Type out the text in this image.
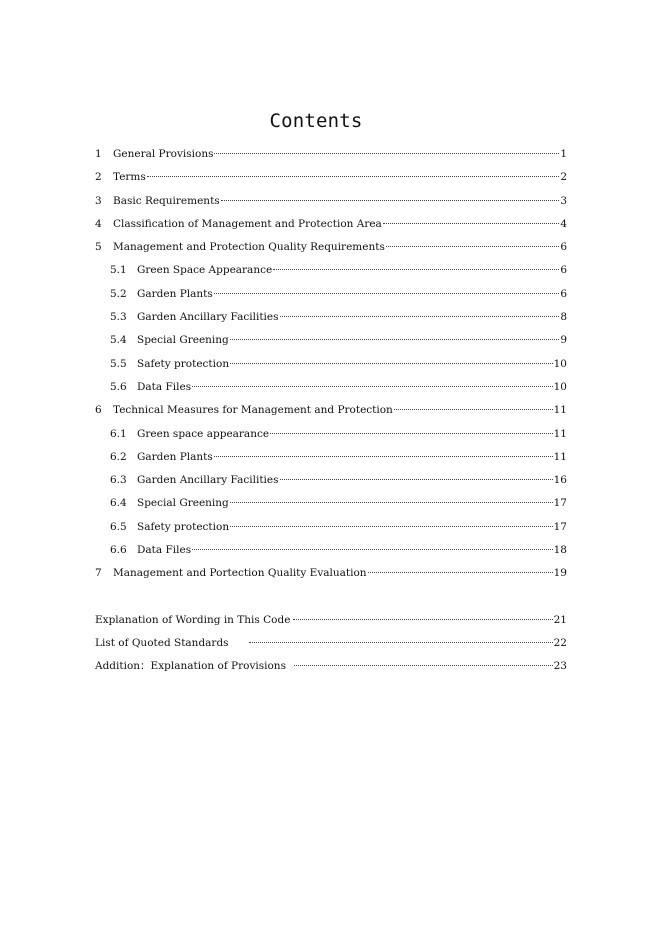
Contents
1	General Provisions	1
2	Terms	2
3	Basic Requirements	3
4	Classification of Management and Protection Area	4
5	Management and Protection Quality Requirements	6
5.1 Green Space Appearance	6
5.2 Garden Plants	6
5.3 Garden Ancillary Facilities	8
5.4 Special Greening	9
5.5 Safety protection	10
5.6 Data Files	10
6	Technical Measures for Management and Protection	11
6.1 Green space appearance	11
6.2 Garden Plants	11
6.3 Garden Ancillary Facilities	16
6.4 Special Greening	17
6.5 Safety protection	17
6.6 Data Files	18
7	Management and Portection Quality Evaluation	19
Explanation of Wording in This Code	21
List of Quoted Standards	22
Addition：Explanation of Provisions	23
